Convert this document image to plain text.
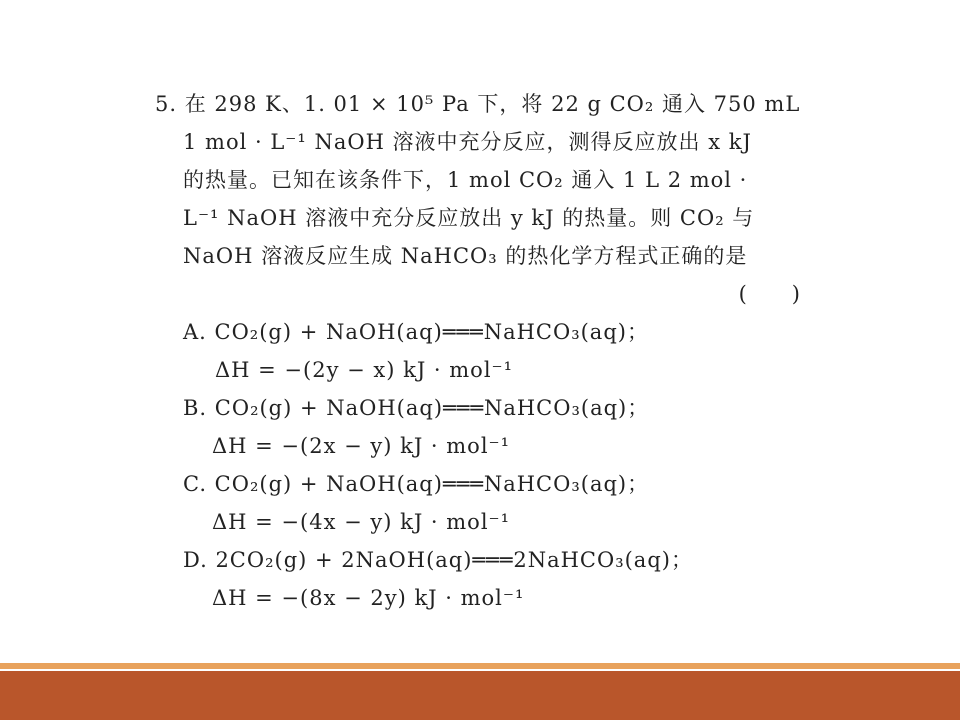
5. 在 298 K、1. 01 × 10⁵ Pa 下，将 22 g CO₂ 通入 750 mL
1 mol · L⁻¹ NaOH 溶液中充分反应，测得反应放出 x kJ
的热量。已知在该条件下，1 mol CO₂ 通入 1 L 2 mol ·
L⁻¹ NaOH 溶液中充分反应放出 y kJ 的热量。则 CO₂ 与
NaOH 溶液反应生成 NaHCO₃ 的热化学方程式正确的是
(　　)
A. CO₂(g) + NaOH(aq)═══NaHCO₃(aq)；
ΔH = −(2y − x) kJ · mol⁻¹
B. CO₂(g) + NaOH(aq)═══NaHCO₃(aq)；
ΔH = −(2x − y) kJ · mol⁻¹
C. CO₂(g) + NaOH(aq)═══NaHCO₃(aq)；
ΔH = −(4x − y) kJ · mol⁻¹
D. 2CO₂(g) + 2NaOH(aq)═══2NaHCO₃(aq)；
ΔH = −(8x − 2y) kJ · mol⁻¹
